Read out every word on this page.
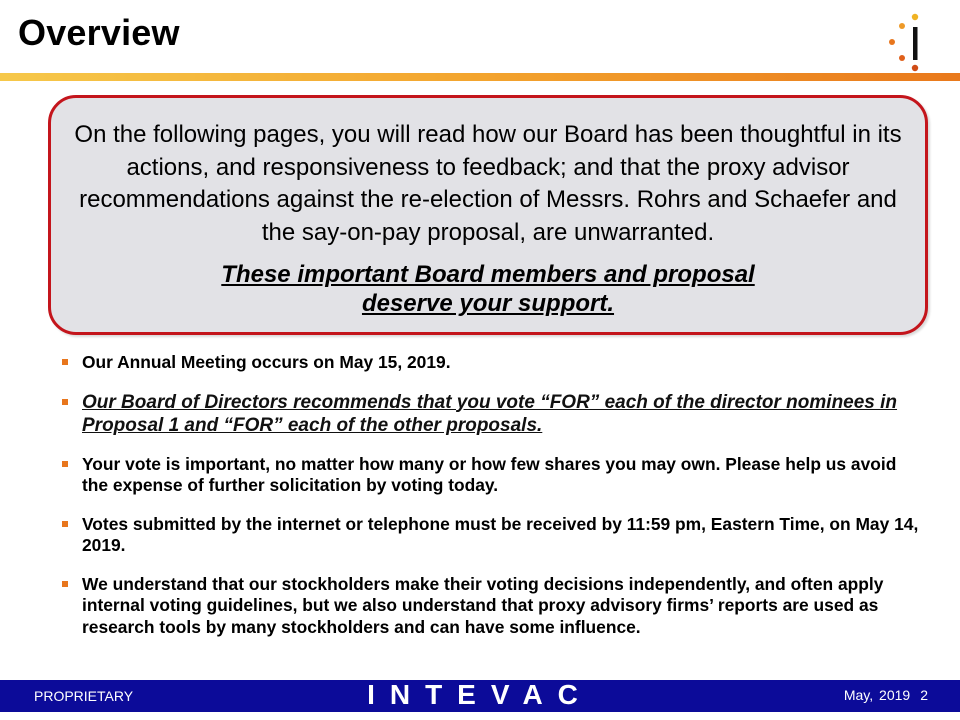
Overview
On the following pages, you will read how our Board has been thoughtful in its actions, and responsiveness to feedback; and that the proxy advisor recommendations against the re-election of Messrs. Rohrs and Schaefer and the say-on-pay proposal, are unwarranted.
These important Board members and proposal
deserve your support.
Our Annual Meeting occurs on May 15, 2019.
Our Board of Directors recommends that you vote “FOR” each of the director nominees in Proposal 1 and “FOR” each of the other proposals.
Your vote is important, no matter how many or how few shares you may own. Please help us avoid the expense of further solicitation by voting today.
Votes submitted by the internet or telephone must be received by 11:59 pm, Eastern Time, on May 14, 2019.
We understand that our stockholders make their voting decisions independently, and often apply internal voting guidelines, but we also understand that proxy advisory firms’ reports are used as research tools by many stockholders and can have some influence.
PROPRIETARY	INTEVAC	May, 2019 2
